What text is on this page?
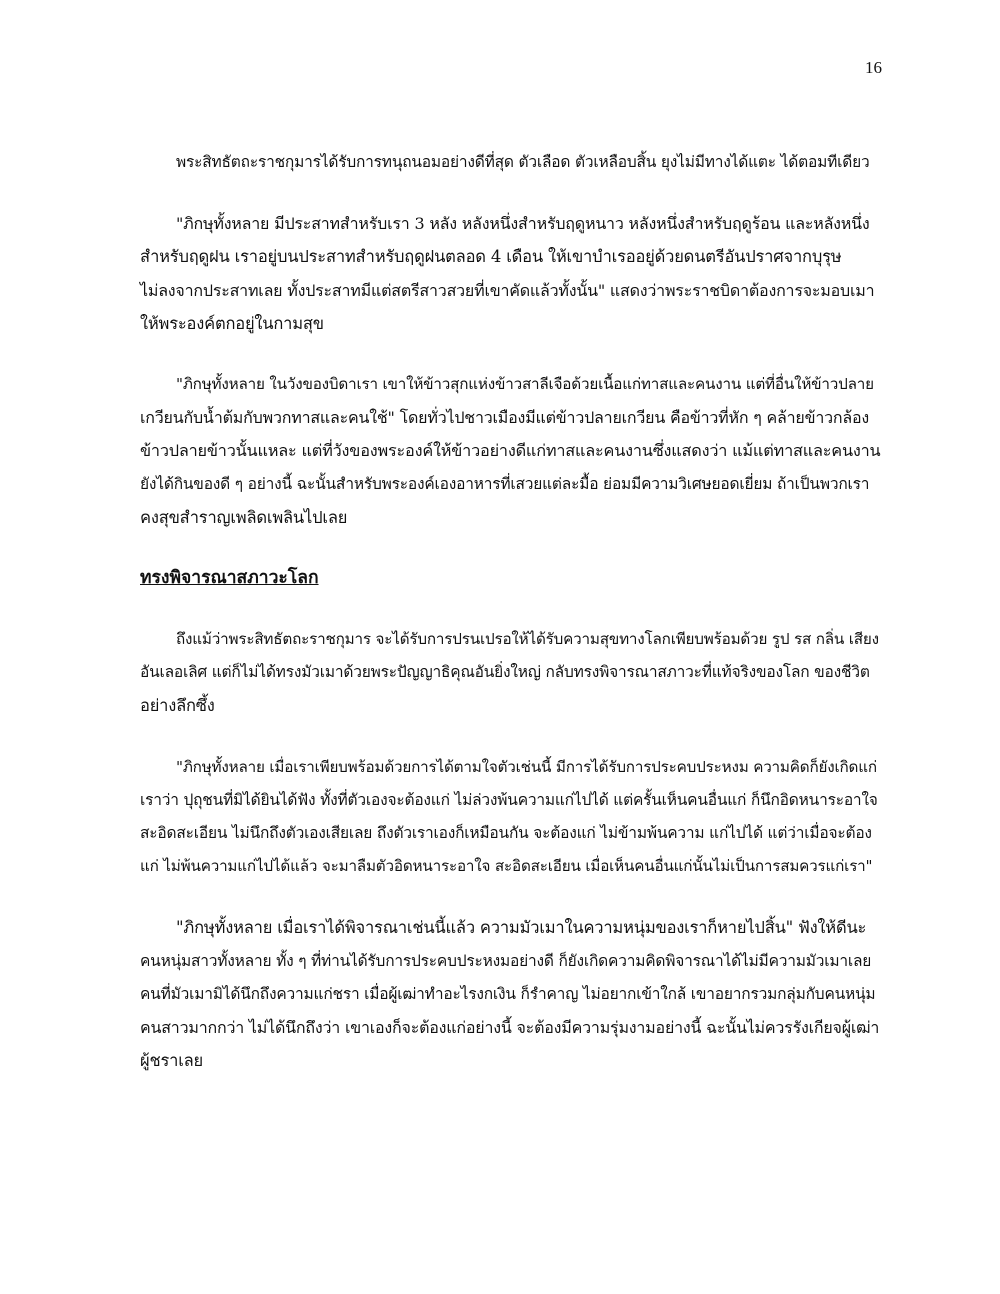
16
พระสิทธัตถะราชกุมารได้รับการทนุถนอมอย่างดีที่สุด ตัวเลือด ตัวเหลือบสิ้น ยุงไม่มีทางได้แตะ ได้ตอมทีเดียว
"ภิกษุทั้งหลาย มีประสาทสำหรับเรา 3 หลัง หลังหนึ่งสำหรับฤดูหนาว หลังหนึ่งสำหรับฤดูร้อน และหลังหนึ่ง
สำหรับฤดูฝน เราอยู่บนประสาทสำหรับฤดูฝนตลอด 4 เดือน ให้เขาบำเรออยู่ด้วยดนตรีอันปราศจากบุรุษ
ไม่ลงจากประสาทเลย ทั้งประสาทมีแต่สตรีสาวสวยที่เขาคัดแล้วทั้งนั้น" แสดงว่าพระราชบิดาต้องการจะมอบเมา
ให้พระองค์ตกอยู่ในกามสุข
"ภิกษุทั้งหลาย ในวังของบิดาเรา เขาให้ข้าวสุกแห่งข้าวสาลีเจือด้วยเนื้อแก่ทาสและคนงาน แต่ที่อื่นให้ข้าวปลาย
เกวียนกับน้ำต้มกับพวกทาสและคนใช้" โดยทั่วไปชาวเมืองมีแต่ข้าวปลายเกวียน คือข้าวที่หัก ๆ คล้ายข้าวกล้อง
ข้าวปลายข้าวนั้นแหละ แต่ที่วังของพระองค์ให้ข้าวอย่างดีแก่ทาสและคนงานซึ่งแสดงว่า แม้แต่ทาสและคนงาน
ยังได้กินของดี ๆ อย่างนี้ ฉะนั้นสำหรับพระองค์เองอาหารที่เสวยแต่ละมื้อ ย่อมมีความวิเศษยอดเยี่ยม ถ้าเป็นพวกเรา
คงสุขสำราญเพลิดเพลินไปเลย
ทรงพิจารณาสภาวะโลก
ถึงแม้ว่าพระสิทธัตถะราชกุมาร จะได้รับการปรนเปรอให้ได้รับความสุขทางโลกเพียบพร้อมด้วย รูป รส กลิ่น เสียง
อันเลอเลิศ แต่ก็ไม่ได้ทรงมัวเมาด้วยพระปัญญาธิคุณอันยิ่งใหญ่ กลับทรงพิจารณาสภาวะที่แท้จริงของโลก ของชีวิต
อย่างลึกซึ้ง
"ภิกษุทั้งหลาย เมื่อเราเพียบพร้อมด้วยการได้ตามใจตัวเช่นนี้ มีการได้รับการประคบประหงม ความคิดก็ยังเกิดแก่
เราว่า ปุถุชนที่มิได้ยินได้ฟัง ทั้งที่ตัวเองจะต้องแก่ ไม่ล่วงพ้นความแก่ไปได้ แต่ครั้นเห็นคนอื่นแก่ ก็นึกอิดหนาระอาใจ
สะอิดสะเอียน ไม่นึกถึงตัวเองเสียเลย ถึงตัวเราเองก็เหมือนกัน จะต้องแก่ ไม่ข้ามพ้นความ แก่ไปได้ แต่ว่าเมื่อจะต้อง
แก่ ไม่พ้นความแก่ไปได้แล้ว จะมาลืมตัวอิดหนาระอาใจ สะอิดสะเอียน เมื่อเห็นคนอื่นแก่นั้นไม่เป็นการสมควรแก่เรา"
"ภิกษุทั้งหลาย เมื่อเราได้พิจารณาเช่นนี้แล้ว ความมัวเมาในความหนุ่มของเราก็หายไปสิ้น" ฟังให้ดีนะ
คนหนุ่มสาวทั้งหลาย ทั้ง ๆ ที่ท่านได้รับการประคบประหงมอย่างดี ก็ยังเกิดความคิดพิจารณาได้ไม่มีความมัวเมาเลย
คนที่มัวเมามิได้นึกถึงความแก่ชรา เมื่อผู้เฒ่าทำอะไรงกเงิน ก็รำคาญ ไม่อยากเข้าใกล้ เขาอยากรวมกลุ่มกับคนหนุ่ม
คนสาวมากกว่า ไม่ได้นึกถึงว่า เขาเองก็จะต้องแก่อย่างนี้ จะต้องมีความรุ่มงามอย่างนี้ ฉะนั้นไม่ควรรังเกียจผู้เฒ่า
ผู้ชราเลย
